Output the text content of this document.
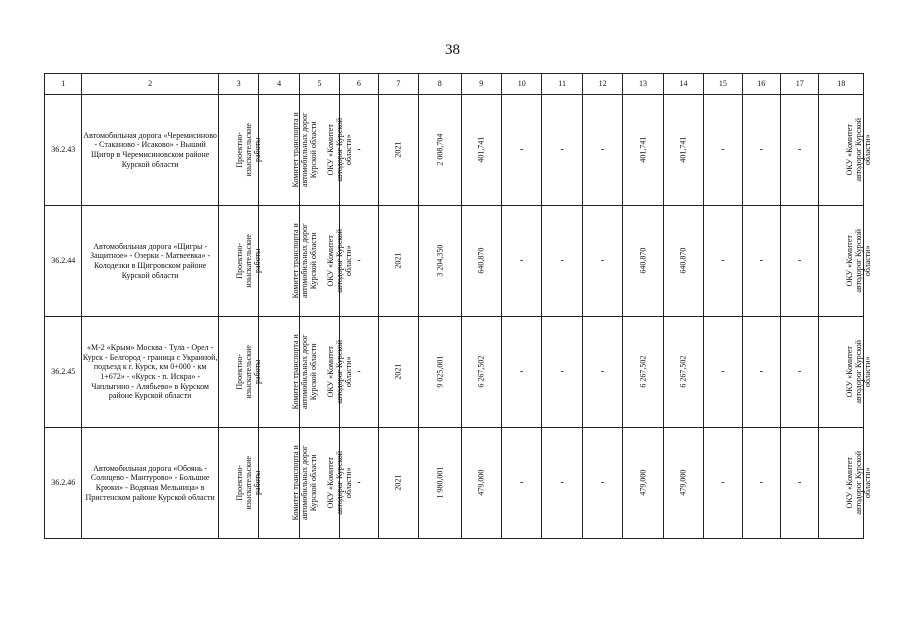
38
1	2	3	4	5	6	7	8	9	10	11	12	13	14	15	16	17	18
36.2.43	Автомобильная дорога «Черемисиново - Стаканово - Исаково» - Выший Щигор в Черемисиновском районе Курской области	Проектно-изыскательские работы	Комитет транспорта и автомобильных дорог Курской области	ОКУ «Комитет автодорог Курской области»	-	2021	2 008,704	401,741	-	-	-	401,741	401,741	-	-	-	ОКУ «Комитет автодорог Курской области»
36.2.44	Автомобильная дорога «Щигры - Защитное» - Озерки - Матвеевка» - Колодезки в Щигровском районе Курской области	Проектно-изыскательские работы	Комитет транспорта и автомобильных дорог Курской области	ОКУ «Комитет автодорог Курской области»	-	2021	3 204,350	640,870	-	-	-	640,870	640,870	-	-	-	ОКУ «Комитет автодорог Курской области»
36.2.45	«М-2 «Крым» Москва - Тула - Орел - Курск - Белгород - граница с Украиной, подъезд к г. Курск, км 0+000 - км 1+672» - «Курск - п. Искра» - Чаплыгино - Алябьево» в Курском районе Курской области	Проектно-изыскательские работы	Комитет транспорта и автомобильных дорог Курской области	ОКУ «Комитет автодорог Курской области»	-	2021	9 025,001	6 267,502	-	-	-	6 267,502	6 267,502	-	-	-	ОКУ «Комитет автодорог Курской области»
36.2.46	Автомобильная дорога «Обоянь - Солнцево - Мантурово» - Большие Крюки» - Водяная Мельница» в Пристенском районе Курской области	Проектно-изыскательские работы	Комитет транспорта и автомобильных дорог Курской области	ОКУ «Комитет автодорог Курской области»	-	2021	1 980,001	479,000	-	-	-	479,000	479,000	-	-	-	ОКУ «Комитет автодорог Курской области»
